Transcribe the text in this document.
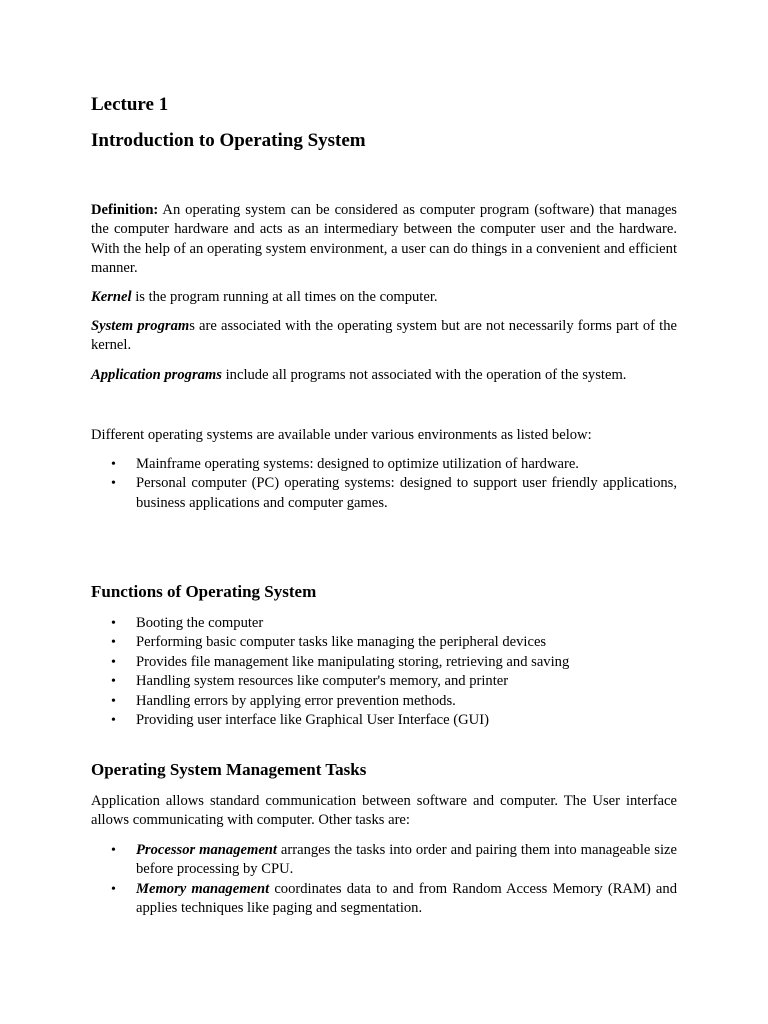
Lecture 1
Introduction to Operating System

Definition: An operating system can be considered as computer program (software) that manages the computer hardware and acts as an intermediary between the computer user and the hardware. With the help of an operating system environment, a user can do things in a convenient and efficient manner.

Kernel is the program running at all times on the computer.

System programs are associated with the operating system but are not necessarily forms part of the kernel.

Application programs include all programs not associated with the operation of the system.

Different operating systems are available under various environments as listed below:

• Mainframe operating systems: designed to optimize utilization of hardware.
• Personal computer (PC) operating systems: designed to support user friendly applications, business applications and computer games.
Functions of Operating System
• Booting the computer
• Performing basic computer tasks like managing the peripheral devices
• Provides file management like manipulating storing, retrieving and saving
• Handling system resources like computer's memory, and printer
• Handling errors by applying error prevention methods.
• Providing user interface like Graphical User Interface (GUI)
Operating System Management Tasks

Application allows standard communication between software and computer. The User interface allows communicating with computer. Other tasks are:

• Processor management arranges the tasks into order and pairing them into manageable size before processing by CPU.
• Memory management coordinates data to and from Random Access Memory (RAM) and applies techniques like paging and segmentation.
